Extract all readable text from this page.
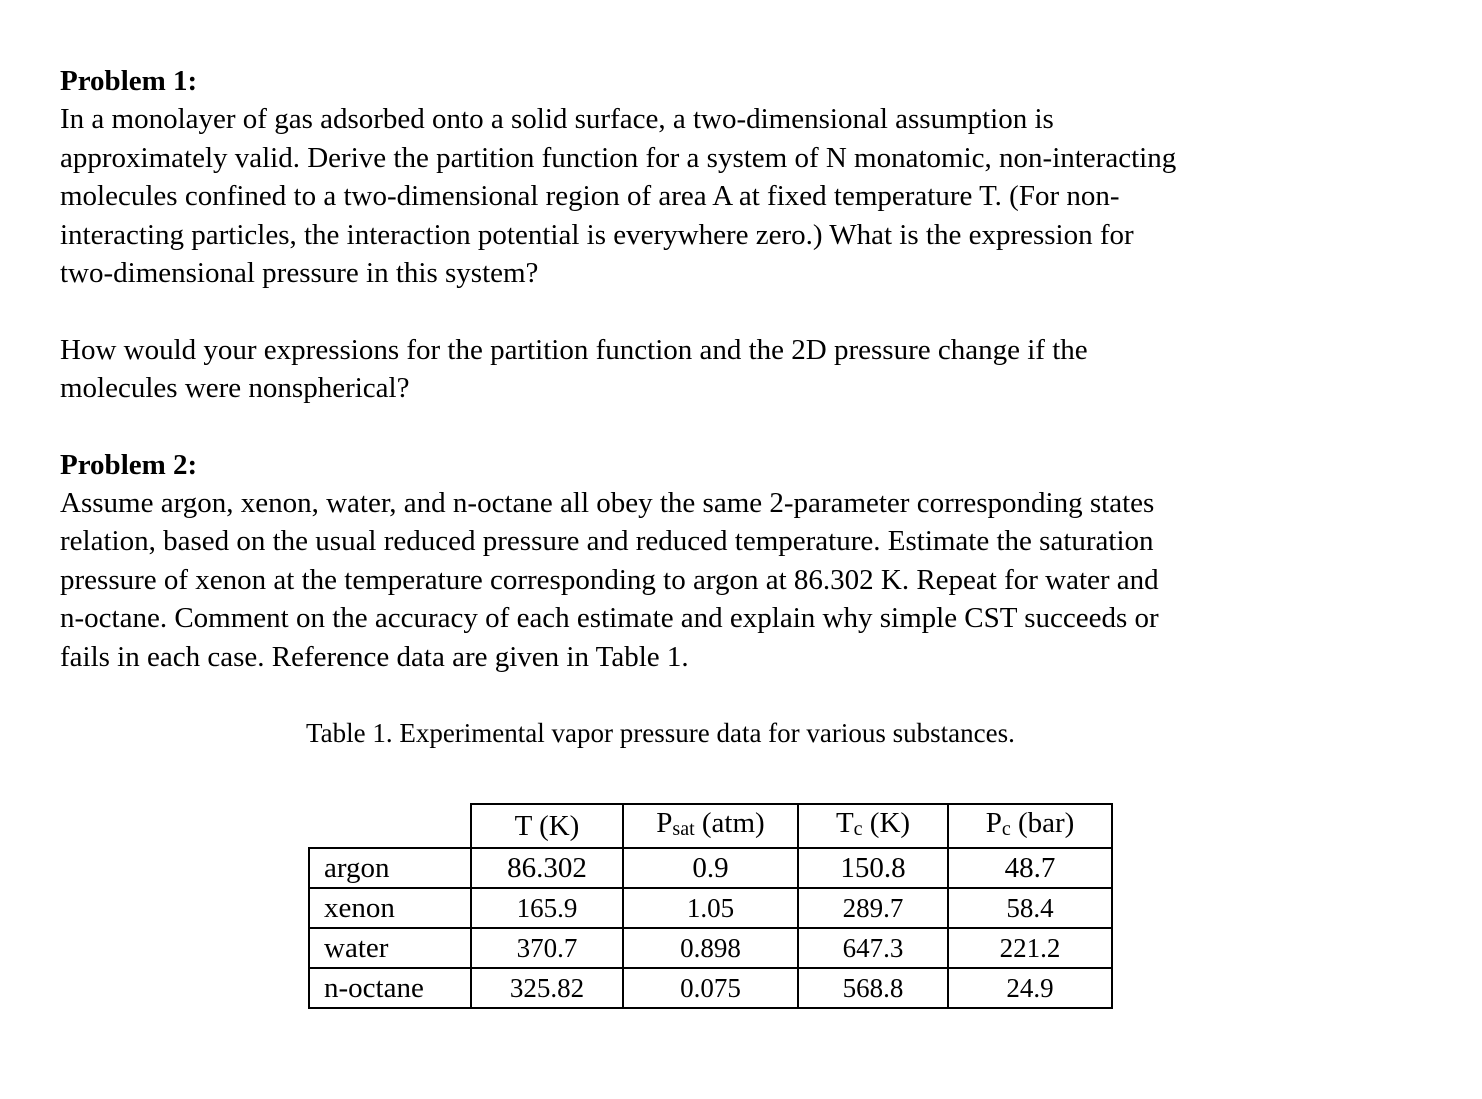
Problem 1:

In a monolayer of gas adsorbed onto a solid surface, a two-dimensional assumption is
approximately valid. Derive the partition function for a system of N monatomic, non-interacting
molecules confined to a two-dimensional region of area A at fixed temperature T. (For non-
interacting particles, the interaction potential is everywhere zero.) What is the expression for
two-dimensional pressure in this system?

How would your expressions for the partition function and the 2D pressure change if the
molecules were nonspherical?

Problem 2:

Assume argon, xenon, water, and n-octane all obey the same 2-parameter corresponding states
relation, based on the usual reduced pressure and reduced temperature. Estimate the saturation
pressure of xenon at the temperature corresponding to argon at 86.302 K. Repeat for water and
n-octane. Comment on the accuracy of each estimate and explain why simple CST succeeds or
fails in each case. Reference data are given in Table 1.

Table 1. Experimental vapor pressure data for various substances.
	T (K)	$P_{sat}$ (atm)	$T_c$ (K)	$P_c$ (bar)
argon	86.302	0.9	150.8	48.7
xenon	165.9	1.05	289.7	58.4
water	370.7	0.898	647.3	221.2
n-octane	325.82	0.075	568.8	24.9
